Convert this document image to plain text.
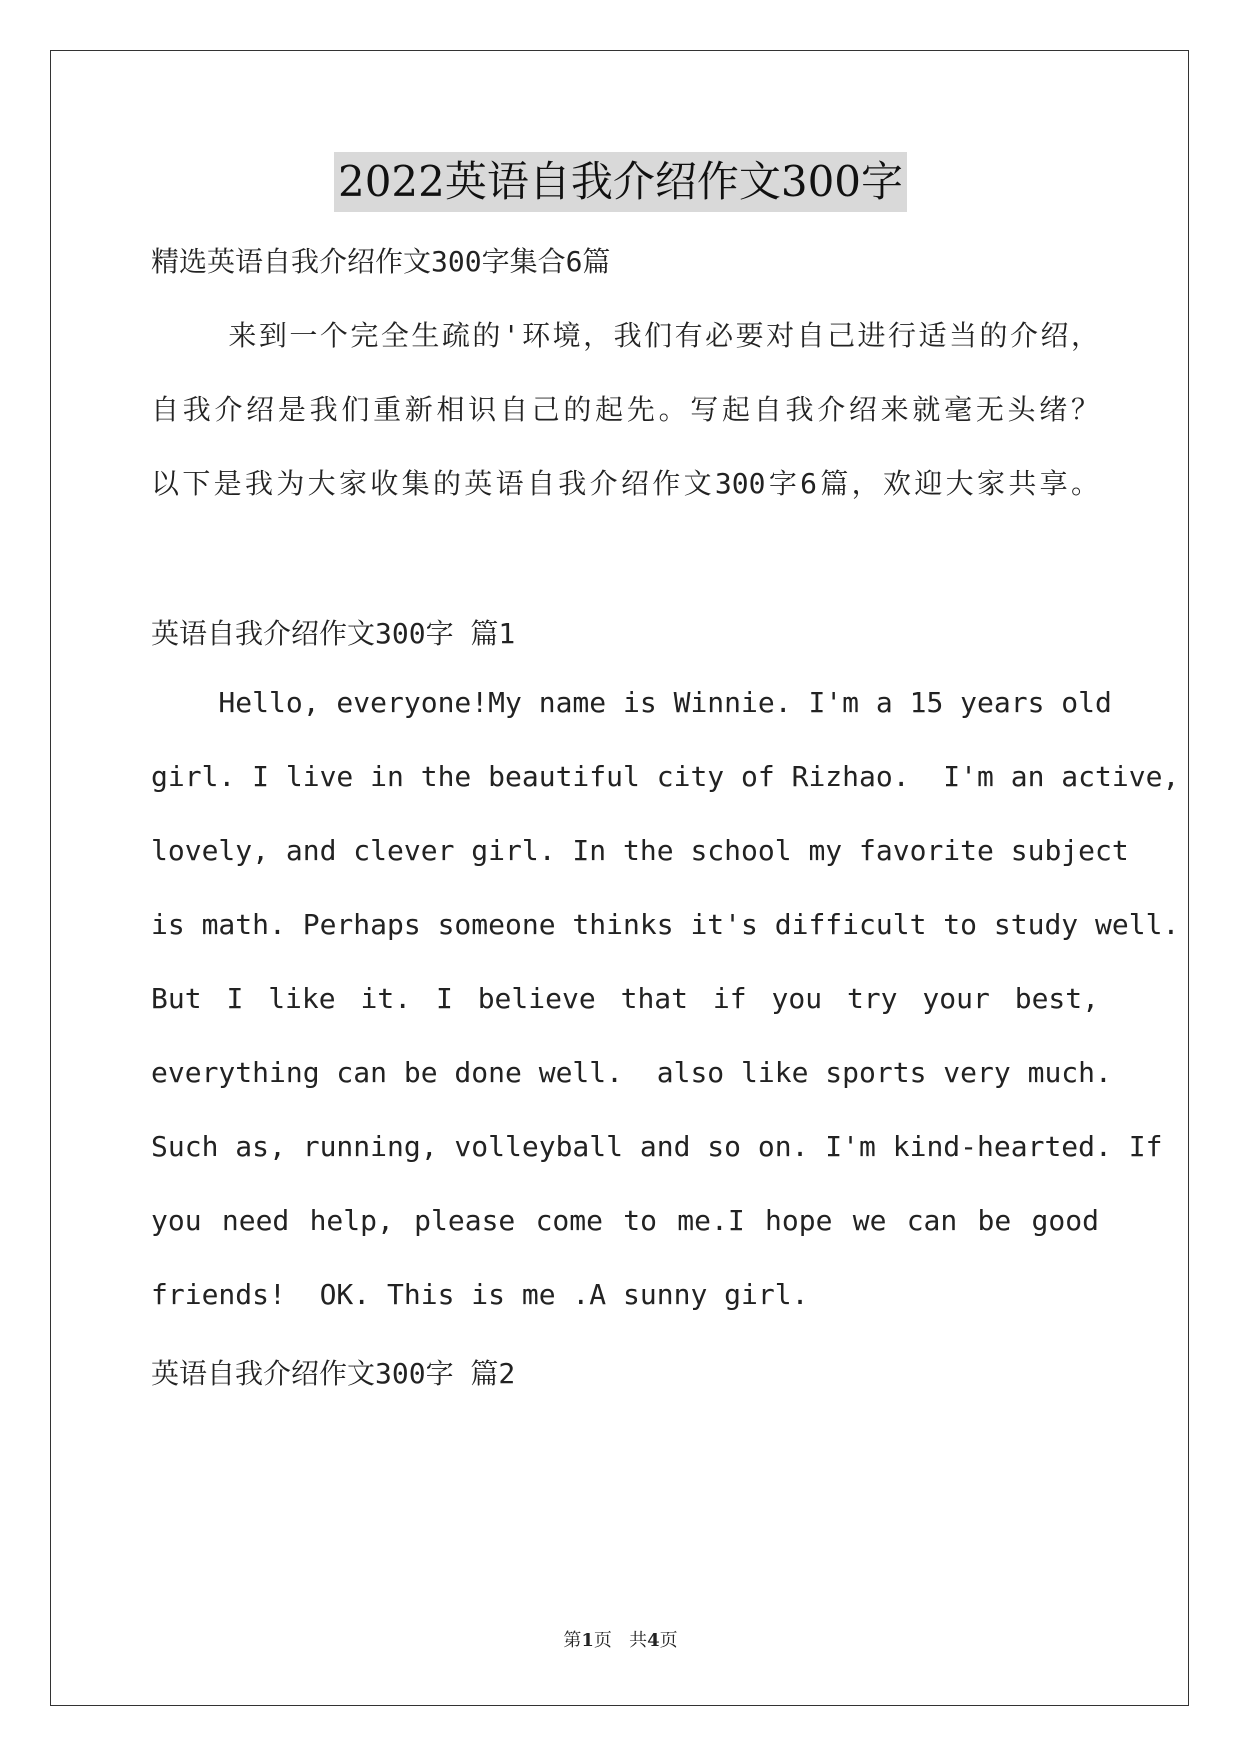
2022英语自我介绍作文300字
精选英语自我介绍作文300字集合6篇
来到一个完全生疏的'环境，我们有必要对自己进行适当的介绍，
自我介绍是我们重新相识自己的起先。写起自我介绍来就毫无头绪？
以下是我为大家收集的英语自我介绍作文300字6篇，欢迎大家共享。
英语自我介绍作文300字 篇1
Hello, everyone!My name is Winnie. I'm a 15 years old
girl. I live in the beautiful city of Rizhao.  I'm an active,
lovely, and clever girl. In the school my favorite subject
is math. Perhaps someone thinks it's difficult to study well.
But I like it. I believe that if you try your best,
everything can be done well.  also like sports very much.
Such as, running, volleyball and so on. I'm kind-hearted. If
you need help, please come to me.I hope we can be good
friends!  OK. This is me .A sunny girl.
英语自我介绍作文300字 篇2
第1页   共4页
